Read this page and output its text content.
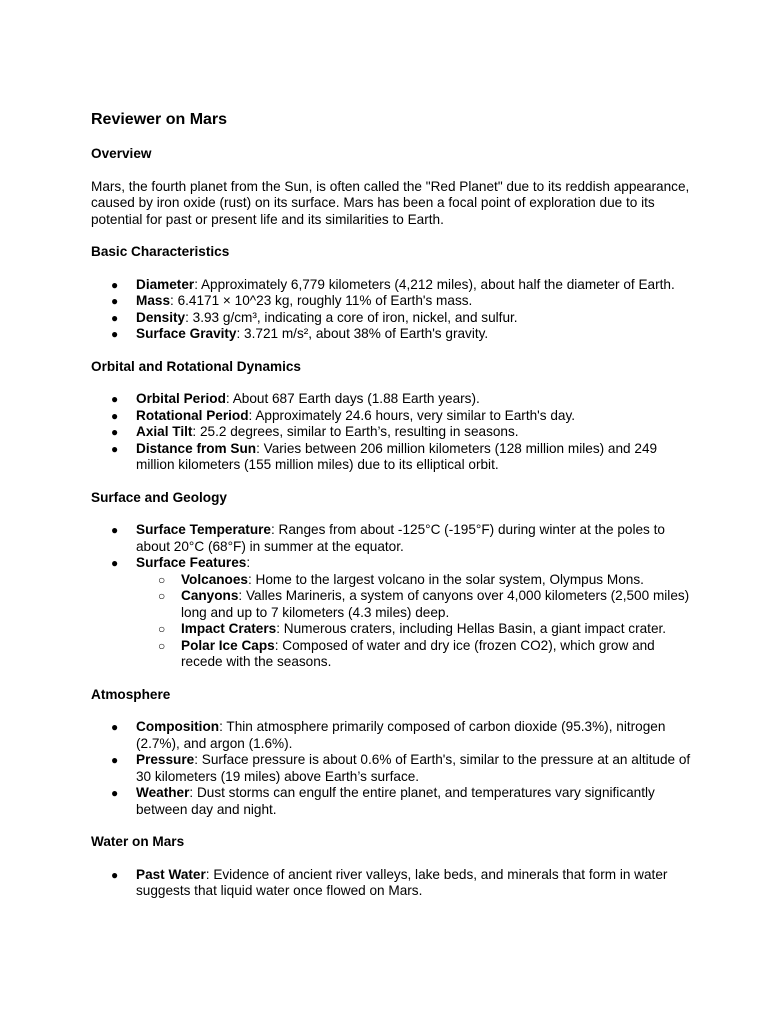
Reviewer on Mars
Overview
Mars, the fourth planet from the Sun, is often called the "Red Planet" due to its reddish appearance, caused by iron oxide (rust) on its surface. Mars has been a focal point of exploration due to its potential for past or present life and its similarities to Earth.
Basic Characteristics
● Diameter: Approximately 6,779 kilometers (4,212 miles), about half the diameter of Earth.
● Mass: 6.4171 × 10^23 kg, roughly 11% of Earth's mass.
● Density: 3.93 g/cm³, indicating a core of iron, nickel, and sulfur.
● Surface Gravity: 3.721 m/s², about 38% of Earth's gravity.
Orbital and Rotational Dynamics
● Orbital Period: About 687 Earth days (1.88 Earth years).
● Rotational Period: Approximately 24.6 hours, very similar to Earth's day.
● Axial Tilt: 25.2 degrees, similar to Earth’s, resulting in seasons.
● Distance from Sun: Varies between 206 million kilometers (128 million miles) and 249 million kilometers (155 million miles) due to its elliptical orbit.
Surface and Geology
● Surface Temperature: Ranges from about -125°C (-195°F) during winter at the poles to about 20°C (68°F) in summer at the equator.
● Surface Features:
○ Volcanoes: Home to the largest volcano in the solar system, Olympus Mons.
○ Canyons: Valles Marineris, a system of canyons over 4,000 kilometers (2,500 miles) long and up to 7 kilometers (4.3 miles) deep.
○ Impact Craters: Numerous craters, including Hellas Basin, a giant impact crater.
○ Polar Ice Caps: Composed of water and dry ice (frozen CO2), which grow and recede with the seasons.
Atmosphere
● Composition: Thin atmosphere primarily composed of carbon dioxide (95.3%), nitrogen (2.7%), and argon (1.6%).
● Pressure: Surface pressure is about 0.6% of Earth's, similar to the pressure at an altitude of 30 kilometers (19 miles) above Earth’s surface.
● Weather: Dust storms can engulf the entire planet, and temperatures vary significantly between day and night.
Water on Mars
● Past Water: Evidence of ancient river valleys, lake beds, and minerals that form in water suggests that liquid water once flowed on Mars.
